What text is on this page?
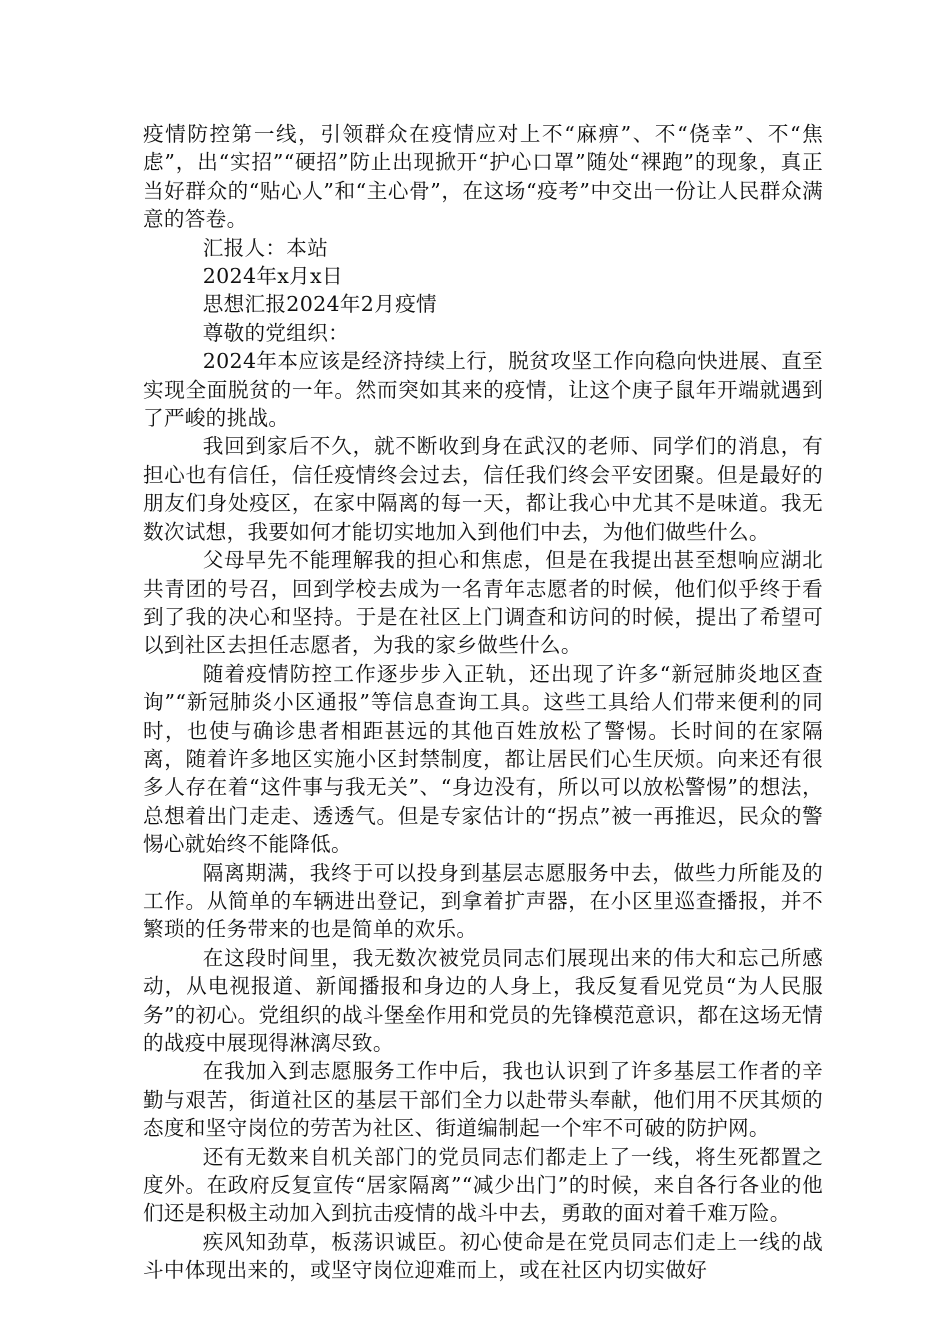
疫情防控第一线，引领群众在疫情应对上不“麻痹”、不“侥幸”、不“焦虑”，出“实招”“硬招”防止出现掀开“护心口罩”随处“裸跑”的现象，真正当好群众的“贴心人”和“主心骨”，在这场“疫考”中交出一份让人民群众满意的答卷。

汇报人：本站

2024年x月x日

思想汇报2024年2月疫情

尊敬的党组织：

2024年本应该是经济持续上行，脱贫攻坚工作向稳向快进展、直至实现全面脱贫的一年。然而突如其来的疫情，让这个庚子鼠年开端就遇到了严峻的挑战。

我回到家后不久，就不断收到身在武汉的老师、同学们的消息，有担心也有信任，信任疫情终会过去，信任我们终会平安团聚。但是最好的朋友们身处疫区，在家中隔离的每一天，都让我心中尤其不是味道。我无数次试想，我要如何才能切实地加入到他们中去，为他们做些什么。

父母早先不能理解我的担心和焦虑，但是在我提出甚至想响应湖北共青团的号召，回到学校去成为一名青年志愿者的时候，他们似乎终于看到了我的决心和坚持。于是在社区上门调查和访问的时候，提出了希望可以到社区去担任志愿者，为我的家乡做些什么。

随着疫情防控工作逐步步入正轨，还出现了许多“新冠肺炎地区查询”“新冠肺炎小区通报”等信息查询工具。这些工具给人们带来便利的同时，也使与确诊患者相距甚远的其他百姓放松了警惕。长时间的在家隔离，随着许多地区实施小区封禁制度，都让居民们心生厌烦。向来还有很多人存在着“这件事与我无关”、“身边没有，所以可以放松警惕”的想法，总想着出门走走、透透气。但是专家估计的“拐点”被一再推迟，民众的警惕心就始终不能降低。

隔离期满，我终于可以投身到基层志愿服务中去，做些力所能及的工作。从简单的车辆进出登记，到拿着扩声器，在小区里巡查播报，并不繁琐的任务带来的也是简单的欢乐。

在这段时间里，我无数次被党员同志们展现出来的伟大和忘己所感动，从电视报道、新闻播报和身边的人身上，我反复看见党员“为人民服务”的初心。党组织的战斗堡垒作用和党员的先锋模范意识，都在这场无情的战疫中展现得淋漓尽致。

在我加入到志愿服务工作中后，我也认识到了许多基层工作者的辛勤与艰苦，街道社区的基层干部们全力以赴带头奉献，他们用不厌其烦的态度和坚守岗位的劳苦为社区、街道编制起一个牢不可破的防护网。

还有无数来自机关部门的党员同志们都走上了一线，将生死都置之度外。在政府反复宣传“居家隔离”“减少出门”的时候，来自各行各业的他们还是积极主动加入到抗击疫情的战斗中去，勇敢的面对着千难万险。

疾风知劲草，板荡识诚臣。初心使命是在党员同志们走上一线的战斗中体现出来的，或坚守岗位迎难而上，或在社区内切实做好
